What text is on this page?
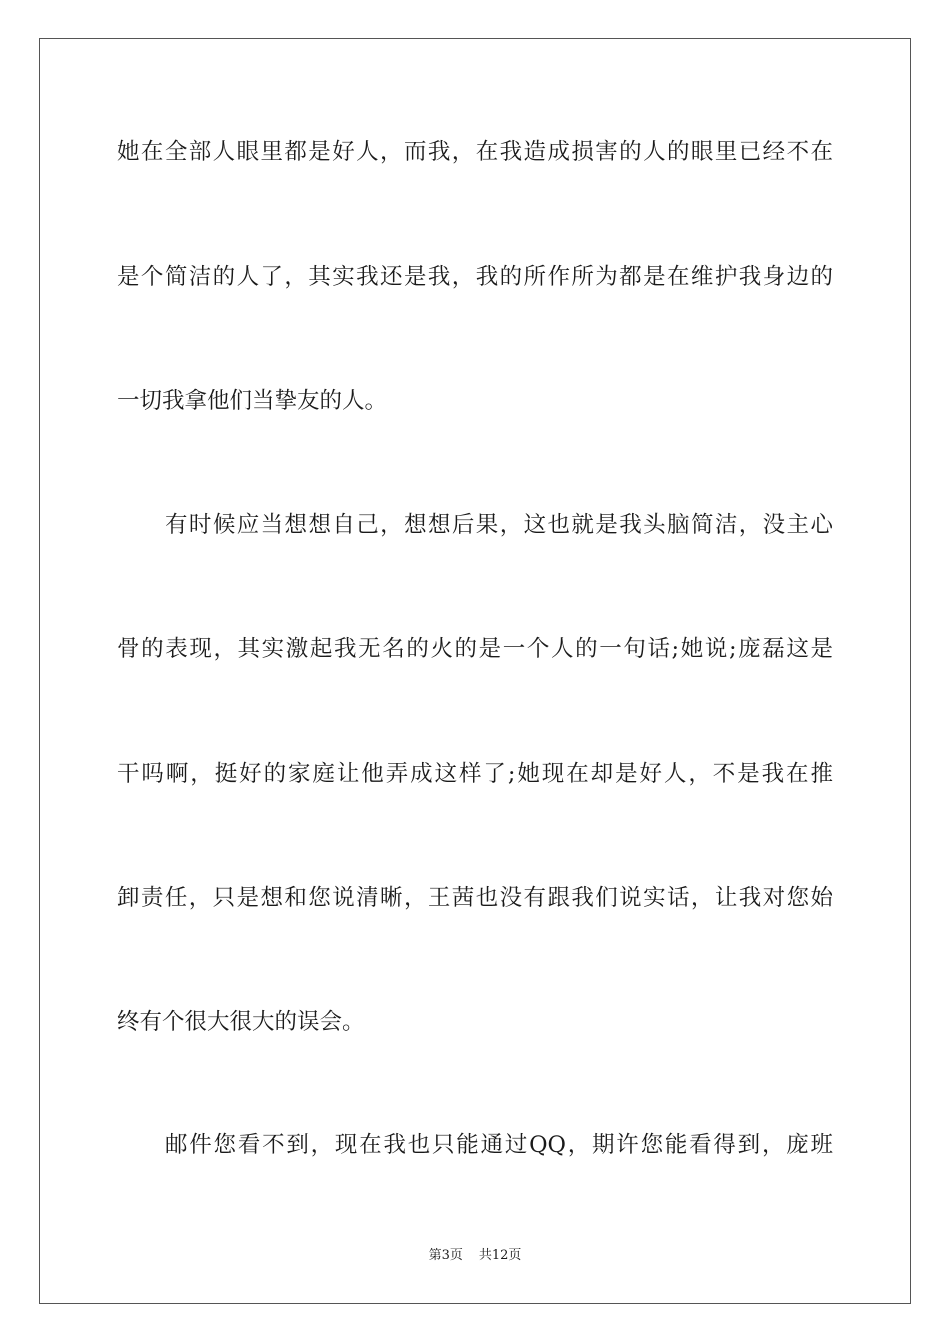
她在全部人眼里都是好人，而我，在我造成损害的人的眼里已经不在
是个简洁的人了，其实我还是我，我的所作所为都是在维护我身边的
一切我拿他们当挚友的人。
有时候应当想想自己，想想后果，这也就是我头脑简洁，没主心
骨的表现，其实激起我无名的火的是一个人的一句话;她说;庞磊这是
干吗啊，挺好的家庭让他弄成这样了;她现在却是好人，不是我在推
卸责任，只是想和您说清晰，王茜也没有跟我们说实话，让我对您始
终有个很大很大的误会。
邮件您看不到，现在我也只能通过QQ，期许您能看得到，庞班
第3页 共12页
